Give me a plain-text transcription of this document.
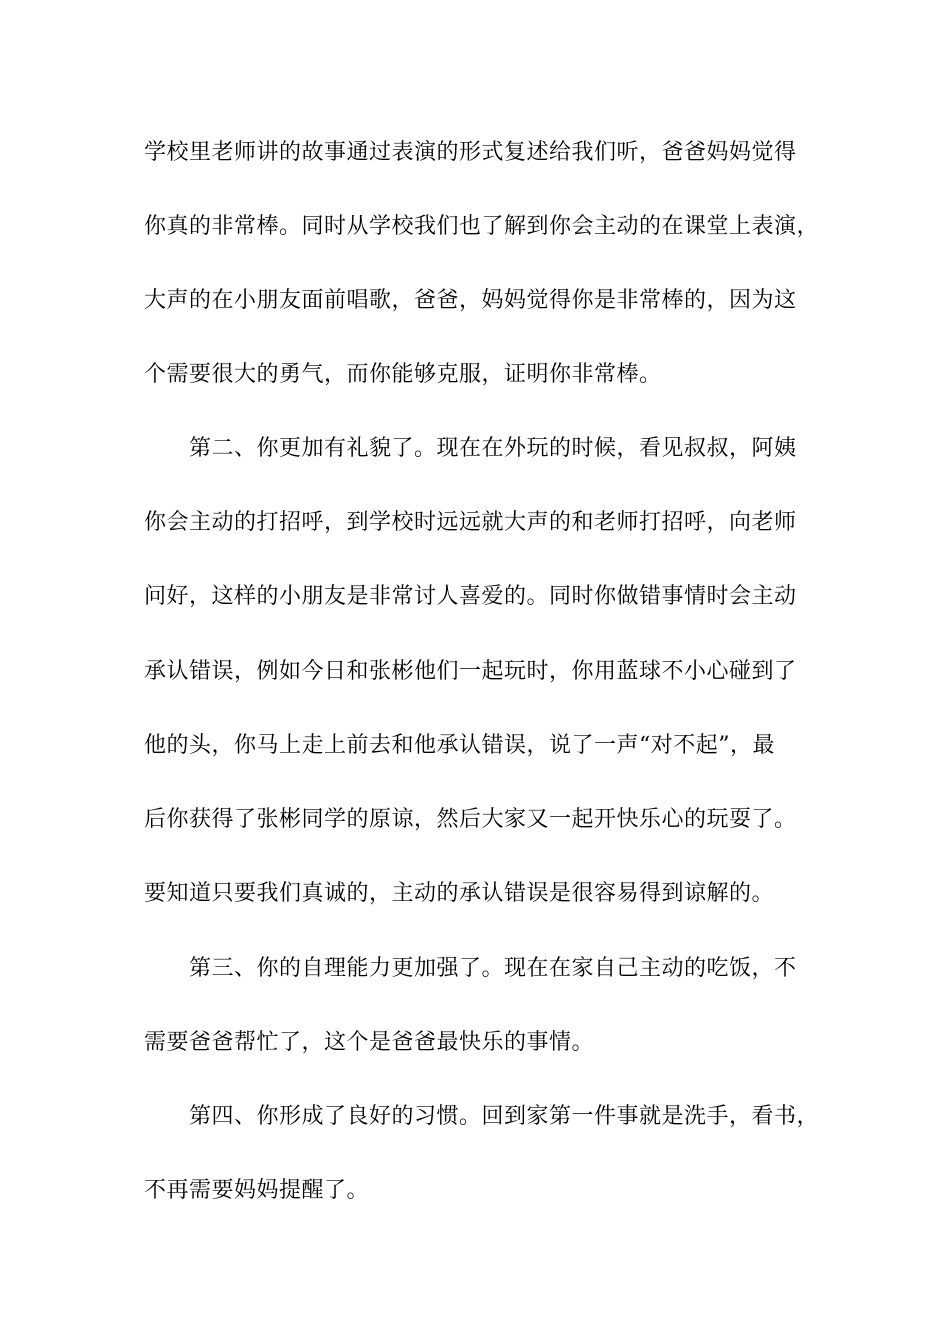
学校里老师讲的故事通过表演的形式复述给我们听，爸爸妈妈觉得
你真的非常棒。同时从学校我们也了解到你会主动的在课堂上表演，
大声的在小朋友面前唱歌，爸爸，妈妈觉得你是非常棒的，因为这
个需要很大的勇气，而你能够克服，证明你非常棒。
第二、你更加有礼貌了。现在在外玩的时候，看见叔叔，阿姨
你会主动的打招呼，到学校时远远就大声的和老师打招呼，向老师
问好，这样的小朋友是非常讨人喜爱的。同时你做错事情时会主动
承认错误，例如今日和张彬他们一起玩时，你用蓝球不小心碰到了
他的头，你马上走上前去和他承认错误，说了一声“对不起”，最
后你获得了张彬同学的原谅，然后大家又一起开快乐心的玩耍了。
要知道只要我们真诚的，主动的承认错误是很容易得到谅解的。
第三、你的自理能力更加强了。现在在家自己主动的吃饭，不
需要爸爸帮忙了，这个是爸爸最快乐的事情。
第四、你形成了良好的习惯。回到家第一件事就是洗手，看书，
不再需要妈妈提醒了。
